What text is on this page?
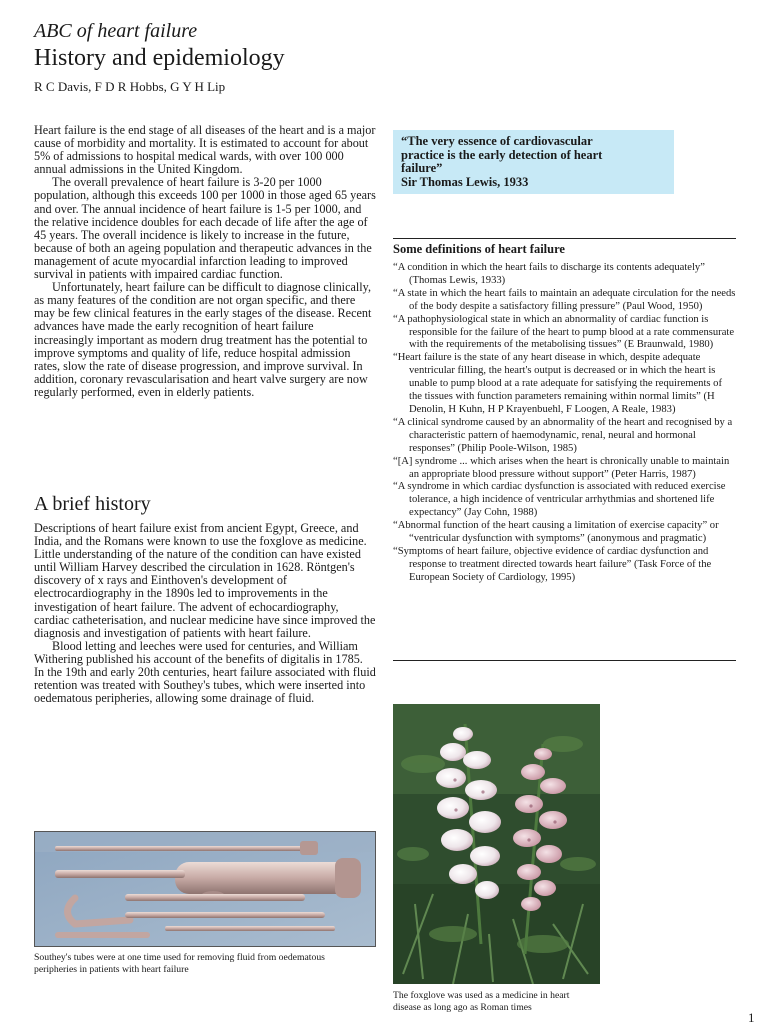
ABC of heart failure
History and epidemiology
R C Davis, F D R Hobbs, G Y H Lip

Heart failure is the end stage of all diseases of the heart and is a major cause of morbidity and mortality. It is estimated to account for about 5% of admissions to hospital medical wards, with over 100 000 annual admissions in the United Kingdom.

The overall prevalence of heart failure is 3-20 per 1000 population, although this exceeds 100 per 1000 in those aged 65 years and over. The annual incidence of heart failure is 1-5 per 1000, and the relative incidence doubles for each decade of life after the age of 45 years. The overall incidence is likely to increase in the future, because of both an ageing population and therapeutic advances in the management of acute myocardial infarction leading to improved survival in patients with impaired cardiac function.

Unfortunately, heart failure can be difficult to diagnose clinically, as many features of the condition are not organ specific, and there may be few clinical features in the early stages of the disease. Recent advances have made the early recognition of heart failure increasingly important as modern drug treatment has the potential to improve symptoms and quality of life, reduce hospital admission rates, slow the rate of disease progression, and improve survival. In addition, coronary revascularisation and heart valve surgery are now regularly performed, even in elderly patients.

A brief history

Descriptions of heart failure exist from ancient Egypt, Greece, and India, and the Romans were known to use the foxglove as medicine. Little understanding of the nature of the condition can have existed until William Harvey described the circulation in 1628. Röntgen's discovery of x rays and Einthoven's development of electrocardiography in the 1890s led to improvements in the investigation of heart failure. The advent of echocardiography, cardiac catheterisation, and nuclear medicine have since improved the diagnosis and investigation of patients with heart failure.

Blood letting and leeches were used for centuries, and William Withering published his account of the benefits of digitalis in 1785. In the 19th and early 20th centuries, heart failure associated with fluid retention was treated with Southey's tubes, which were inserted into oedematous peripheries, allowing some drainage of fluid.

“The very essence of cardiovascular
practice is the early detection of heart
failure”
Sir Thomas Lewis, 1933
Some definitions of heart failure
“A condition in which the heart fails to discharge its contents adequately” (Thomas Lewis, 1933)
“A state in which the heart fails to maintain an adequate circulation for the needs of the body despite a satisfactory filling pressure” (Paul Wood, 1950)
“A pathophysiological state in which an abnormality of cardiac function is responsible for the failure of the heart to pump blood at a rate commensurate with the requirements of the metabolising tissues” (E Braunwald, 1980)
“Heart failure is the state of any heart disease in which, despite adequate ventricular filling, the heart's output is decreased or in which the heart is unable to pump blood at a rate adequate for satisfying the requirements of the tissues with function parameters remaining within normal limits” (H Denolin, H Kuhn, H P Krayenbuehl, F Loogen, A Reale, 1983)
“A clinical syndrome caused by an abnormality of the heart and recognised by a characteristic pattern of haemodynamic, renal, neural and hormonal responses” (Philip Poole-Wilson, 1985)
“[A] syndrome ... which arises when the heart is chronically unable to maintain an appropriate blood pressure without support” (Peter Harris, 1987)
“A syndrome in which cardiac dysfunction is associated with reduced exercise tolerance, a high incidence of ventricular arrhythmias and shortened life expectancy” (Jay Cohn, 1988)
“Abnormal function of the heart causing a limitation of exercise capacity” or “ventricular dysfunction with symptoms” (anonymous and pragmatic)
“Symptoms of heart failure, objective evidence of cardiac dysfunction and response to treatment directed towards heart failure” (Task Force of the European Society of Cardiology, 1995)
Southey's tubes were at one time used for removing fluid from oedematous
peripheries in patients with heart failure
The foxglove was used as a medicine in heart
disease as long ago as Roman times
1
